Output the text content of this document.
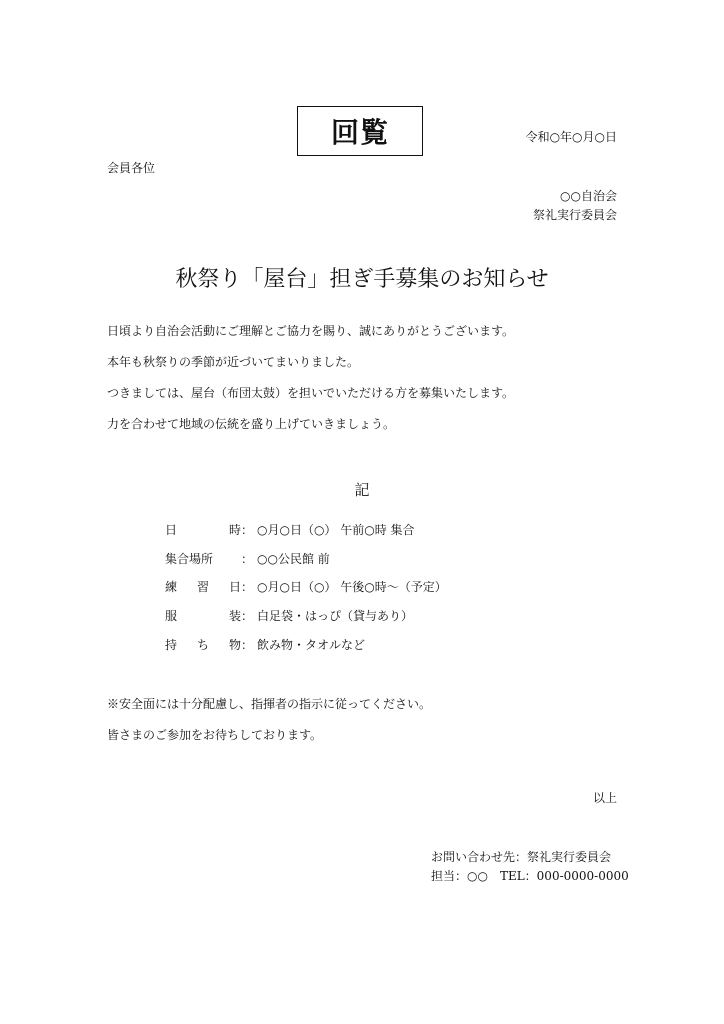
回覧	令和○年○月○日
会員各位
○○自治会
祭礼実行委員会
秋祭り「屋台」担ぎ手募集のお知らせ
日頃より自治会活動にご理解とご協力を賜り、誠にありがとうございます。
本年も秋祭りの季節が近づいてまいりました。
つきましては、屋台（布団太鼓）を担いでいただける方を募集いたします。
力を合わせて地域の伝統を盛り上げていきましょう。
記
日	時 ： ○月○日（○） 午前○時 集合
集合場所 ： ○○公民館 前
練 習 日 ： ○月○日（○） 午後○時～（予定）
服	装 ： 白足袋・はっぴ（貸与あり）
持 ち 物 ： 飲み物・タオルなど
※安全面には十分配慮し、指揮者の指示に従ってください。
皆さまのご参加をお待ちしております。
以上
お問い合わせ先：祭礼実行委員会
担当：○○　TEL：000-0000-0000
